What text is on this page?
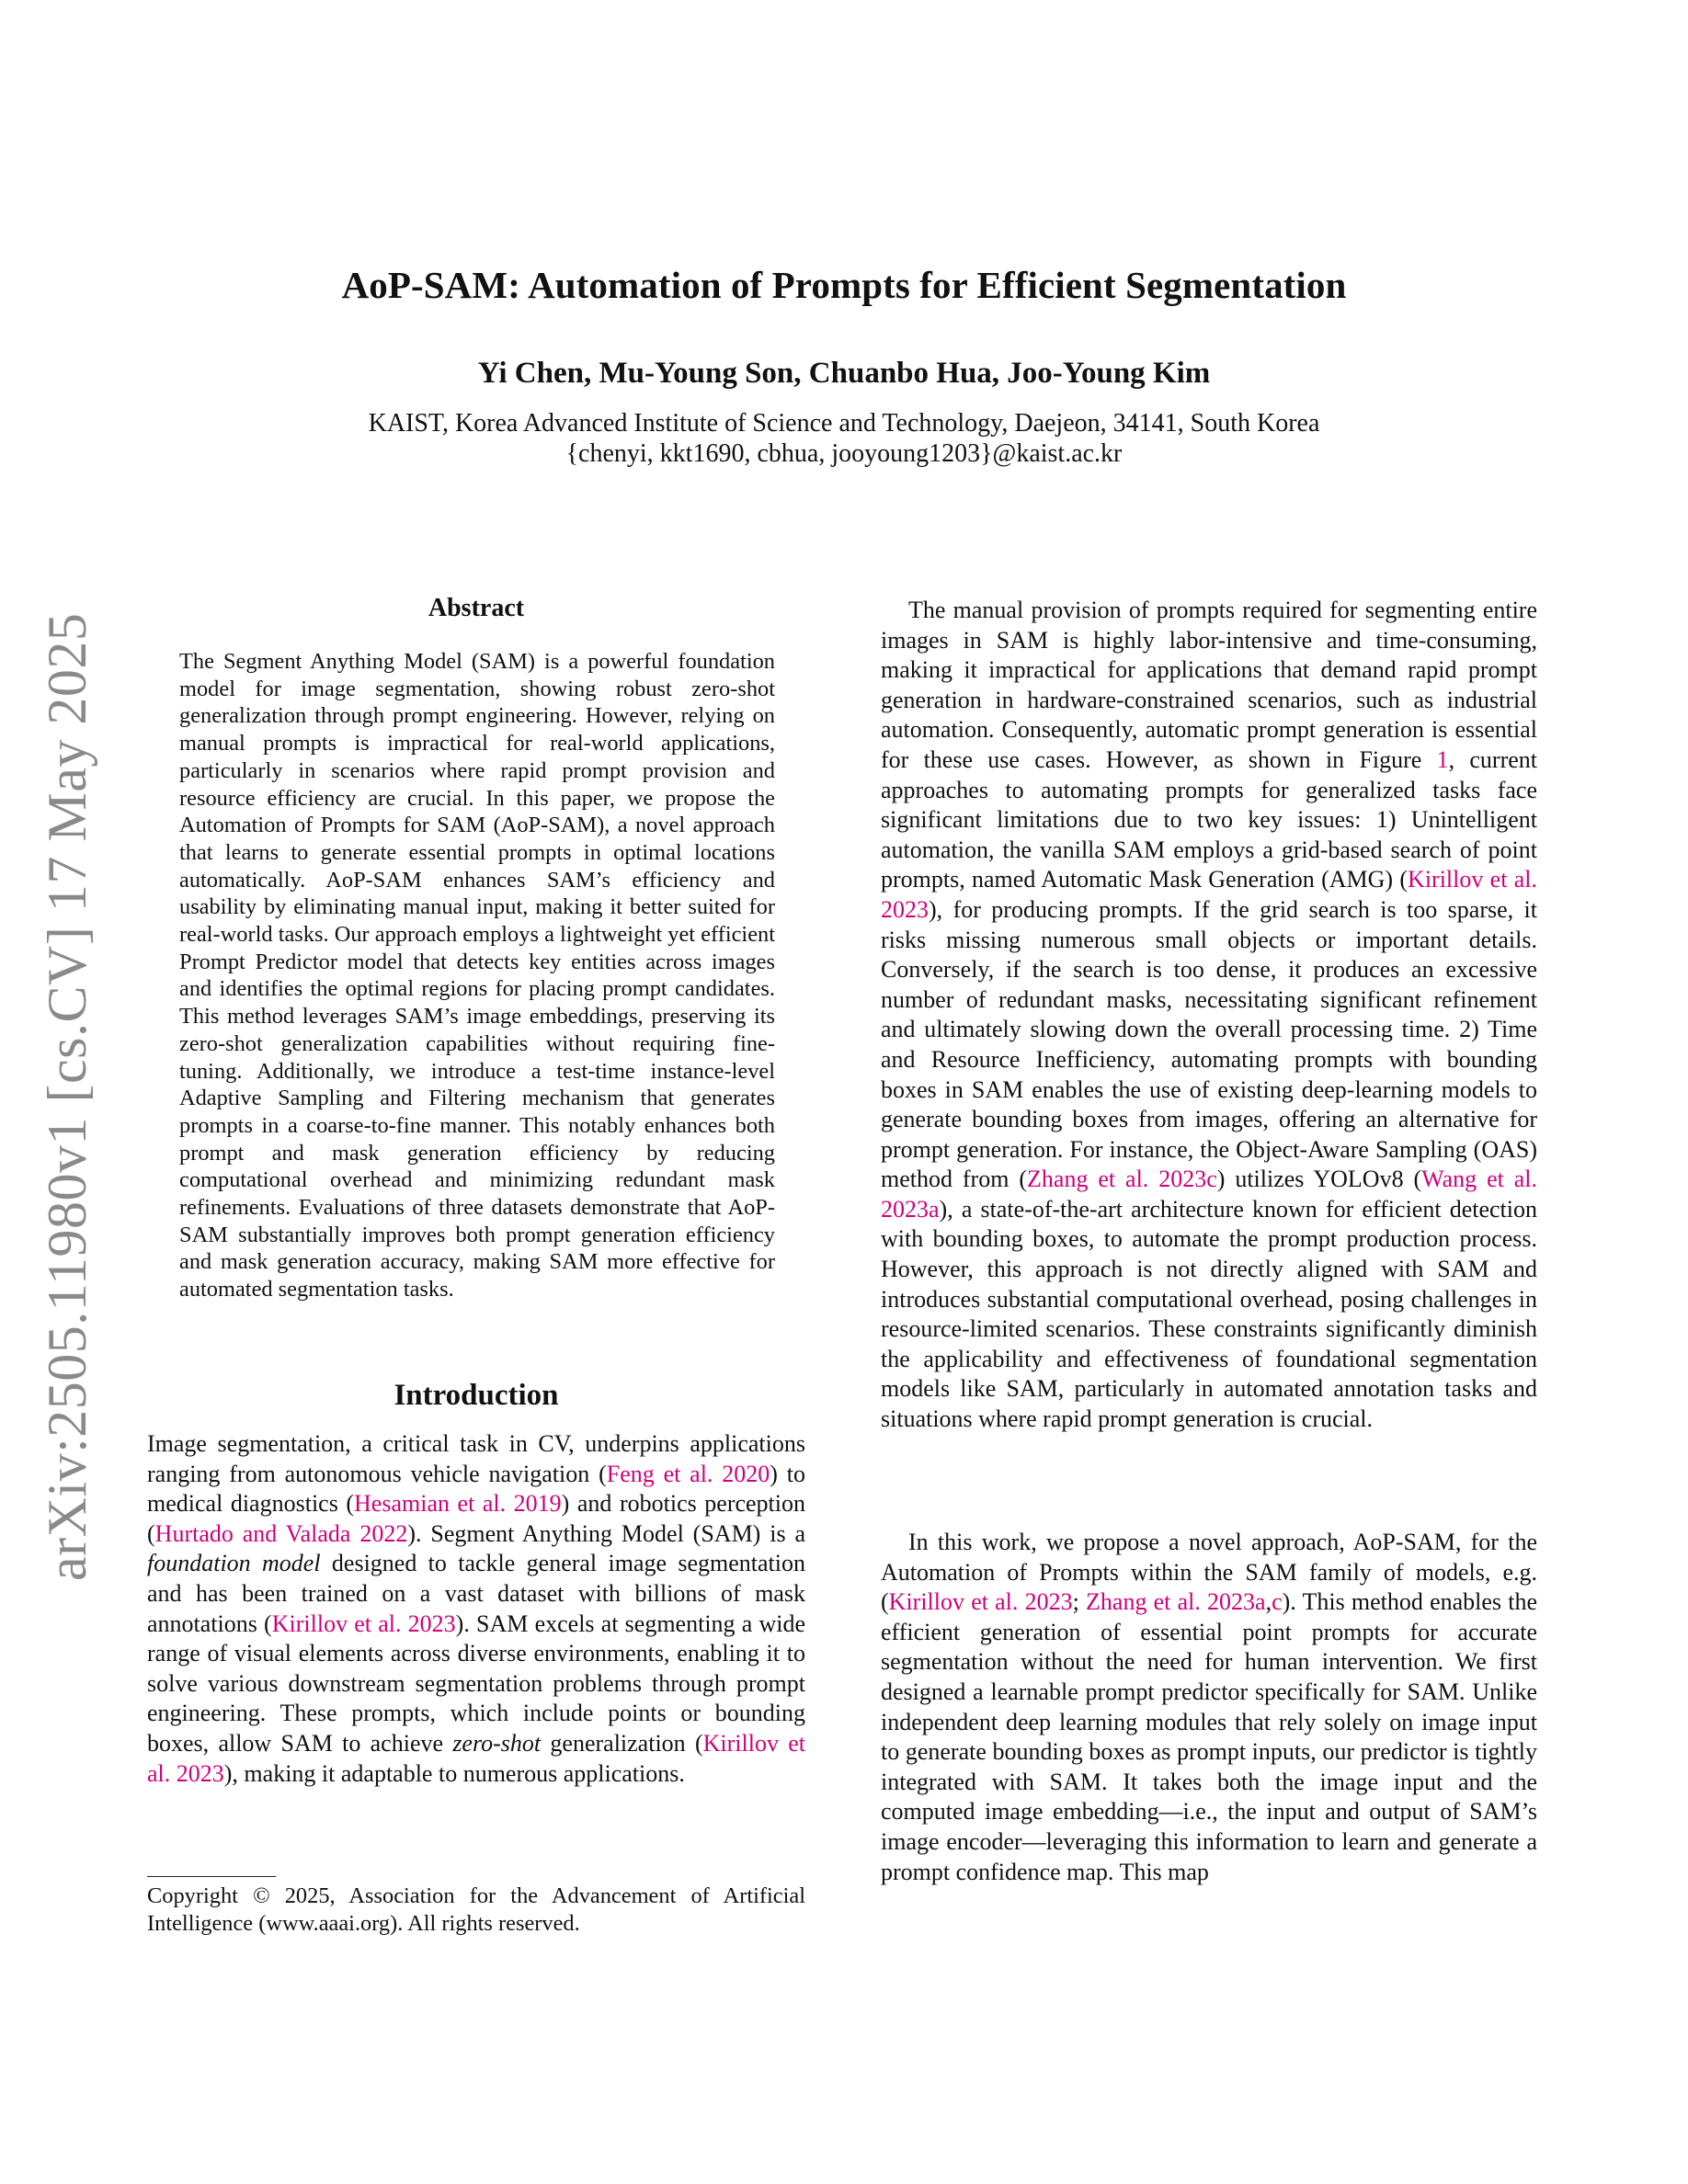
arXiv:2505.11980v1 [cs.CV] 17 May 2025
AoP-SAM: Automation of Prompts for Efficient Segmentation
Yi Chen, Mu-Young Son, Chuanbo Hua, Joo-Young Kim
KAIST, Korea Advanced Institute of Science and Technology, Daejeon, 34141, South Korea
{chenyi, kkt1690, cbhua, jooyoung1203}@kaist.ac.kr
Abstract

The Segment Anything Model (SAM) is a powerful foundation model for image segmentation, showing robust zero-shot generalization through prompt engineering. However, relying on manual prompts is impractical for real-world applications, particularly in scenarios where rapid prompt provision and resource efficiency are crucial. In this paper, we propose the Automation of Prompts for SAM (AoP-SAM), a novel approach that learns to generate essential prompts in optimal locations automatically. AoP-SAM enhances SAM’s efficiency and usability by eliminating manual input, making it better suited for real-world tasks. Our approach employs a lightweight yet efficient Prompt Predictor model that detects key entities across images and identifies the optimal regions for placing prompt candidates. This method leverages SAM’s image embeddings, preserving its zero-shot generalization capabilities without requiring fine-tuning. Additionally, we introduce a test-time instance-level Adaptive Sampling and Filtering mechanism that generates prompts in a coarse-to-fine manner. This notably enhances both prompt and mask generation efficiency by reducing computational overhead and minimizing redundant mask refinements. Evaluations of three datasets demonstrate that AoP-SAM substantially improves both prompt generation efficiency and mask generation accuracy, making SAM more effective for automated segmentation tasks.

Introduction

Image segmentation, a critical task in CV, underpins applications ranging from autonomous vehicle navigation (Feng et al. 2020) to medical diagnostics (Hesamian et al. 2019) and robotics perception (Hurtado and Valada 2022). Segment Anything Model (SAM) is a foundation model designed to tackle general image segmentation and has been trained on a vast dataset with billions of mask annotations (Kirillov et al. 2023). SAM excels at segmenting a wide range of visual elements across diverse environments, enabling it to solve various downstream segmentation problems through prompt engineering. These prompts, which include points or bounding boxes, allow SAM to achieve zero-shot generalization (Kirillov et al. 2023), making it adaptable to numerous applications.

Copyright © 2025, Association for the Advancement of Artificial Intelligence (www.aaai.org). All rights reserved.

The manual provision of prompts required for segmenting entire images in SAM is highly labor-intensive and time-consuming, making it impractical for applications that demand rapid prompt generation in hardware-constrained scenarios, such as industrial automation. Consequently, automatic prompt generation is essential for these use cases. However, as shown in Figure 1, current approaches to automating prompts for generalized tasks face significant limitations due to two key issues: 1) Unintelligent automation, the vanilla SAM employs a grid-based search of point prompts, named Automatic Mask Generation (AMG) (Kirillov et al. 2023), for producing prompts. If the grid search is too sparse, it risks missing numerous small objects or important details. Conversely, if the search is too dense, it produces an excessive number of redundant masks, necessitating significant refinement and ultimately slowing down the overall processing time. 2) Time and Resource Inefficiency, automating prompts with bounding boxes in SAM enables the use of existing deep-learning models to generate bounding boxes from images, offering an alternative for prompt generation. For instance, the Object-Aware Sampling (OAS) method from (Zhang et al. 2023c) utilizes YOLOv8 (Wang et al. 2023a), a state-of-the-art architecture known for efficient detection with bounding boxes, to automate the prompt production process. However, this approach is not directly aligned with SAM and introduces substantial computational overhead, posing challenges in resource-limited scenarios. These constraints significantly diminish the applicability and effectiveness of foundational segmentation models like SAM, particularly in automated annotation tasks and situations where rapid prompt generation is crucial.

In this work, we propose a novel approach, AoP-SAM, for the Automation of Prompts within the SAM family of models, e.g. (Kirillov et al. 2023; Zhang et al. 2023a,c). This method enables the efficient generation of essential point prompts for accurate segmentation without the need for human intervention. We first designed a learnable prompt predictor specifically for SAM. Unlike independent deep learning modules that rely solely on image input to generate bounding boxes as prompt inputs, our predictor is tightly integrated with SAM. It takes both the image input and the computed image embedding—i.e., the input and output of SAM’s image encoder—leveraging this information to learn and generate a prompt confidence map. This map
